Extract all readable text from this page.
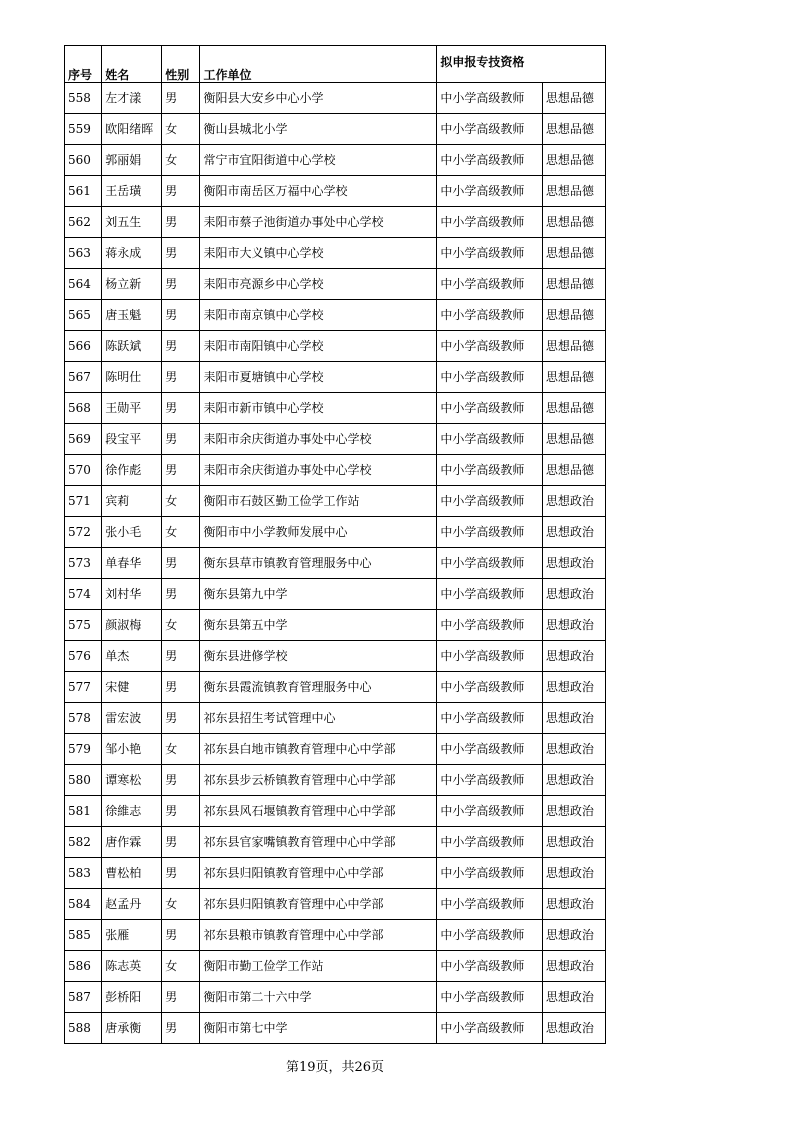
序号	姓名	性别	工作单位	拟申报专技资格	
558	左才漾	男	衡阳县大安乡中心小学	中小学高级教师	思想品德
559	欧阳绪晖	女	衡山县城北小学	中小学高级教师	思想品德
560	郭丽娟	女	常宁市宜阳街道中心学校	中小学高级教师	思想品德
561	王岳璜	男	衡阳市南岳区万福中心学校	中小学高级教师	思想品德
562	刘五生	男	耒阳市蔡子池街道办事处中心学校	中小学高级教师	思想品德
563	蒋永成	男	耒阳市大义镇中心学校	中小学高级教师	思想品德
564	杨立新	男	耒阳市亮源乡中心学校	中小学高级教师	思想品德
565	唐玉魁	男	耒阳市南京镇中心学校	中小学高级教师	思想品德
566	陈跃斌	男	耒阳市南阳镇中心学校	中小学高级教师	思想品德
567	陈明仕	男	耒阳市夏塘镇中心学校	中小学高级教师	思想品德
568	王勋平	男	耒阳市新市镇中心学校	中小学高级教师	思想品德
569	段宝平	男	耒阳市余庆街道办事处中心学校	中小学高级教师	思想品德
570	徐作彪	男	耒阳市余庆街道办事处中心学校	中小学高级教师	思想品德
571	宾莉	女	衡阳市石鼓区勤工俭学工作站	中小学高级教师	思想政治
572	张小毛	女	衡阳市中小学教师发展中心	中小学高级教师	思想政治
573	单春华	男	衡东县草市镇教育管理服务中心	中小学高级教师	思想政治
574	刘村华	男	衡东县第九中学	中小学高级教师	思想政治
575	颜淑梅	女	衡东县第五中学	中小学高级教师	思想政治
576	单杰	男	衡东县进修学校	中小学高级教师	思想政治
577	宋健	男	衡东县霞流镇教育管理服务中心	中小学高级教师	思想政治
578	雷宏波	男	祁东县招生考试管理中心	中小学高级教师	思想政治
579	邹小艳	女	祁东县白地市镇教育管理中心中学部	中小学高级教师	思想政治
580	谭寒松	男	祁东县步云桥镇教育管理中心中学部	中小学高级教师	思想政治
581	徐維志	男	祁东县风石堰镇教育管理中心中学部	中小学高级教师	思想政治
582	唐作霖	男	祁东县官家嘴镇教育管理中心中学部	中小学高级教师	思想政治
583	曹松柏	男	祁东县归阳镇教育管理中心中学部	中小学高级教师	思想政治
584	赵孟丹	女	祁东县归阳镇教育管理中心中学部	中小学高级教师	思想政治
585	张雁	男	祁东县粮市镇教育管理中心中学部	中小学高级教师	思想政治
586	陈志英	女	衡阳市勤工俭学工作站	中小学高级教师	思想政治
587	彭桥阳	男	衡阳市第二十六中学	中小学高级教师	思想政治
588	唐承衡	男	衡阳市第七中学	中小学高级教师	思想政治
第19页，共26页
